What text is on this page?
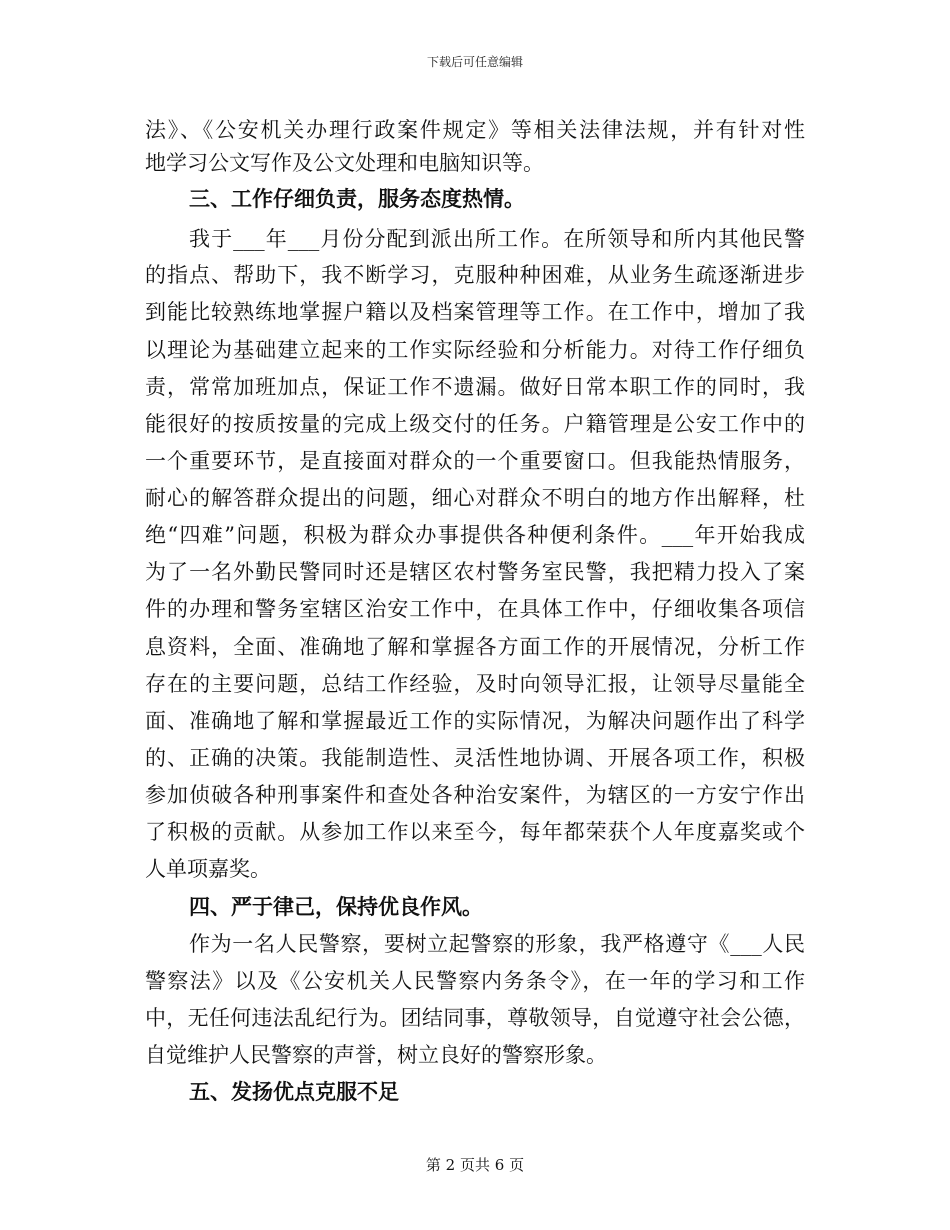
下载后可任意编辑
法》、《公安机关办理行政案件规定》等相关法律法规，并有针对性
地学习公文写作及公文处理和电脑知识等。
三、工作仔细负责，服务态度热情。
我于___年___月份分配到派出所工作。在所领导和所内其他民警
的指点、帮助下，我不断学习，克服种种困难，从业务生疏逐渐进步
到能比较熟练地掌握户籍以及档案管理等工作。在工作中，增加了我
以理论为基础建立起来的工作实际经验和分析能力。对待工作仔细负
责，常常加班加点，保证工作不遗漏。做好日常本职工作的同时，我
能很好的按质按量的完成上级交付的任务。户籍管理是公安工作中的
一个重要环节，是直接面对群众的一个重要窗口。但我能热情服务，
耐心的解答群众提出的问题，细心对群众不明白的地方作出解释，杜
绝“四难”问题，积极为群众办事提供各种便利条件。___年开始我成
为了一名外勤民警同时还是辖区农村警务室民警，我把精力投入了案
件的办理和警务室辖区治安工作中，在具体工作中，仔细收集各项信
息资料，全面、准确地了解和掌握各方面工作的开展情况，分析工作
存在的主要问题，总结工作经验，及时向领导汇报，让领导尽量能全
面、准确地了解和掌握最近工作的实际情况，为解决问题作出了科学
的、正确的决策。我能制造性、灵活性地协调、开展各项工作，积极
参加侦破各种刑事案件和查处各种治安案件，为辖区的一方安宁作出
了积极的贡献。从参加工作以来至今，每年都荣获个人年度嘉奖或个
人单项嘉奖。
四、严于律己，保持优良作风。
作为一名人民警察，要树立起警察的形象，我严格遵守《___人民
警察法》以及《公安机关人民警察内务条令》，在一年的学习和工作
中，无任何违法乱纪行为。团结同事，尊敬领导，自觉遵守社会公德，
自觉维护人民警察的声誉，树立良好的警察形象。
五、发扬优点克服不足
第 2 页共 6 页
